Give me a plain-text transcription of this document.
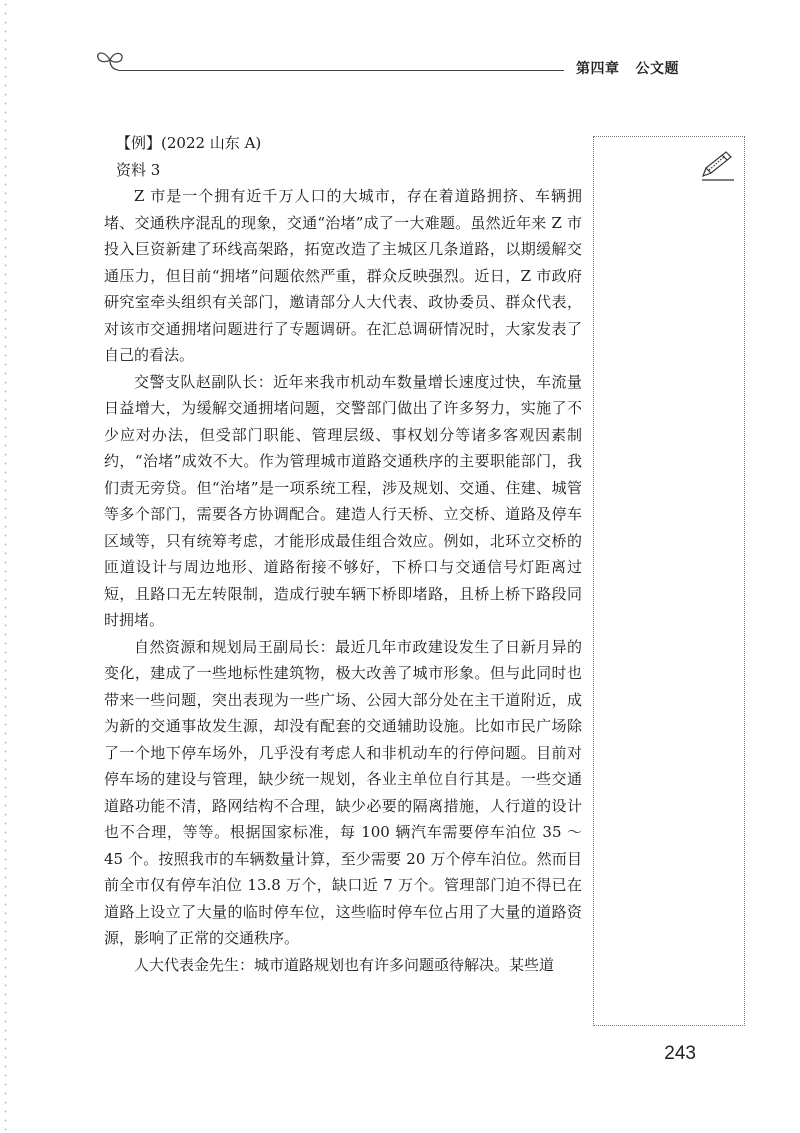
第四章 公文题

【例】(2022 山东 A)

资料 3

Z 市是一个拥有近千万人口的大城市，存在着道路拥挤、车辆拥堵、交通秩序混乱的现象，交通“治堵”成了一大难题。虽然近年来 Z 市投入巨资新建了环线高架路，拓宽改造了主城区几条道路，以期缓解交通压力，但目前“拥堵”问题依然严重，群众反映强烈。近日，Z 市政府研究室牵头组织有关部门，邀请部分人大代表、政协委员、群众代表，对该市交通拥堵问题进行了专题调研。在汇总调研情况时，大家发表了自己的看法。

交警支队赵副队长：近年来我市机动车数量增长速度过快，车流量日益增大，为缓解交通拥堵问题，交警部门做出了许多努力，实施了不少应对办法，但受部门职能、管理层级、事权划分等诸多客观因素制约，“治堵”成效不大。作为管理城市道路交通秩序的主要职能部门，我们责无旁贷。但“治堵”是一项系统工程，涉及规划、交通、住建、城管等多个部门，需要各方协调配合。建造人行天桥、立交桥、道路及停车区域等，只有统筹考虑，才能形成最佳组合效应。例如，北环立交桥的匝道设计与周边地形、道路衔接不够好，下桥口与交通信号灯距离过短，且路口无左转限制，造成行驶车辆下桥即堵路，且桥上桥下路段同时拥堵。

自然资源和规划局王副局长：最近几年市政建设发生了日新月异的变化，建成了一些地标性建筑物，极大改善了城市形象。但与此同时也带来一些问题，突出表现为一些广场、公园大部分处在主干道附近，成为新的交通事故发生源，却没有配套的交通辅助设施。比如市民广场除了一个地下停车场外，几乎没有考虑人和非机动车的行停问题。目前对停车场的建设与管理，缺少统一规划，各业主单位自行其是。一些交通道路功能不清，路网结构不合理，缺少必要的隔离措施，人行道的设计也不合理，等等。根据国家标准，每 100 辆汽车需要停车泊位 35 ～ 45 个。按照我市的车辆数量计算，至少需要 20 万个停车泊位。然而目前全市仅有停车泊位 13.8 万个，缺口近 7 万个。管理部门迫不得已在道路上设立了大量的临时停车位，这些临时停车位占用了大量的道路资源，影响了正常的交通秩序。

人大代表金先生：城市道路规划也有许多问题亟待解决。某些道

243
